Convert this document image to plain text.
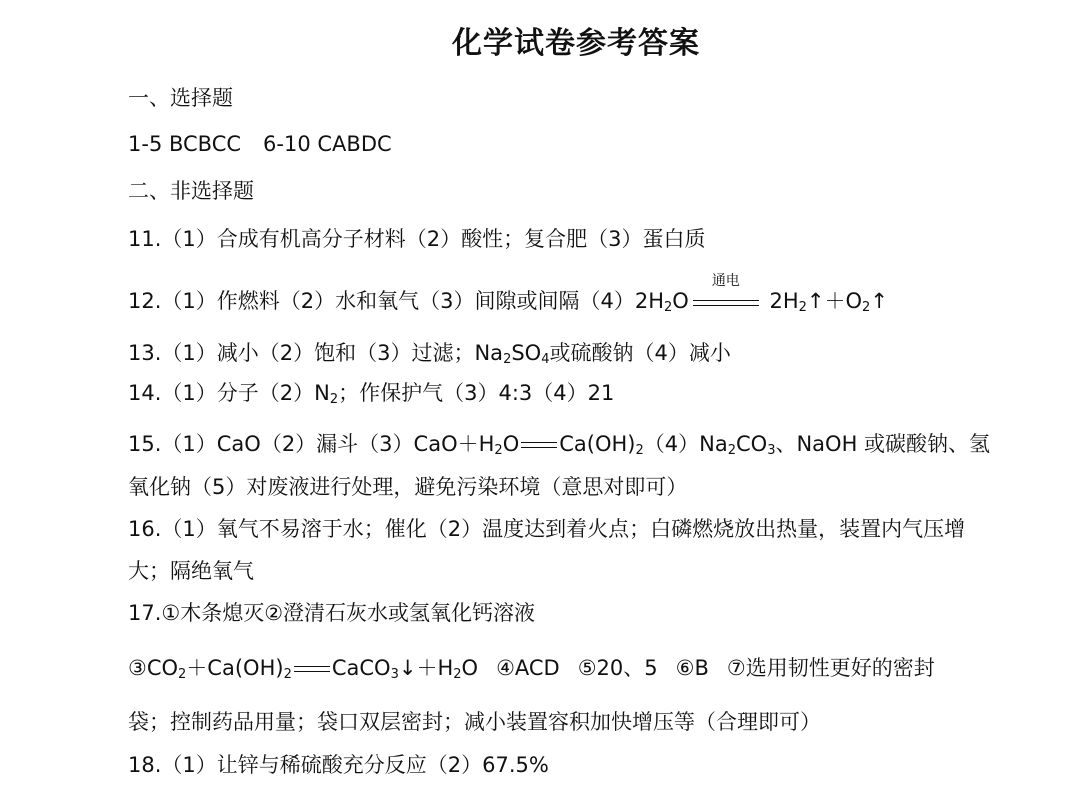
化学试卷参考答案
一、选择题
1-5 BCBCC 6-10 CABDC
二、非选择题
11.（1）合成有机高分子材料（2）酸性；复合肥（3）蛋白质
12.（1）作燃料（2）水和氧气（3）间隙或间隔$(4)2H_2O$
通电
$2H_2↑+O_2↑$
13.（1）减小（2）饱和（3）过滤；$Na_2SO_4$或硫酸钠（4）减小
14.（1）分子$(2)N_2$；作保护气（3）4:3（4）21
15.（1）CaO（2）漏斗$(3)CaO+H_2O$ $Ca(OH)_2(4)Na_2CO_3$、NaOH 或碳酸钠、氢
氧化钠（5）对废液进行处理，避免污染环境（意思对即可）
16.（1）氧气不易溶于水；催化（2）温度达到着火点；白磷燃烧放出热量，装置内气压增
大；隔绝氧气
17.①木条熄灭②澄清石灰水或氢氧化钙溶液
$③CO_2+Ca(OH)_2$ $CaCO_3↓+H_2O$ ④ACD ⑤20、5 ⑥B ⑦选用韧性更好的密封
袋；控制药品用量；袋口双层密封；减小装置容积加快增压等（合理即可）
18.（1）让锌与稀硫酸充分反应（2）67.5%
